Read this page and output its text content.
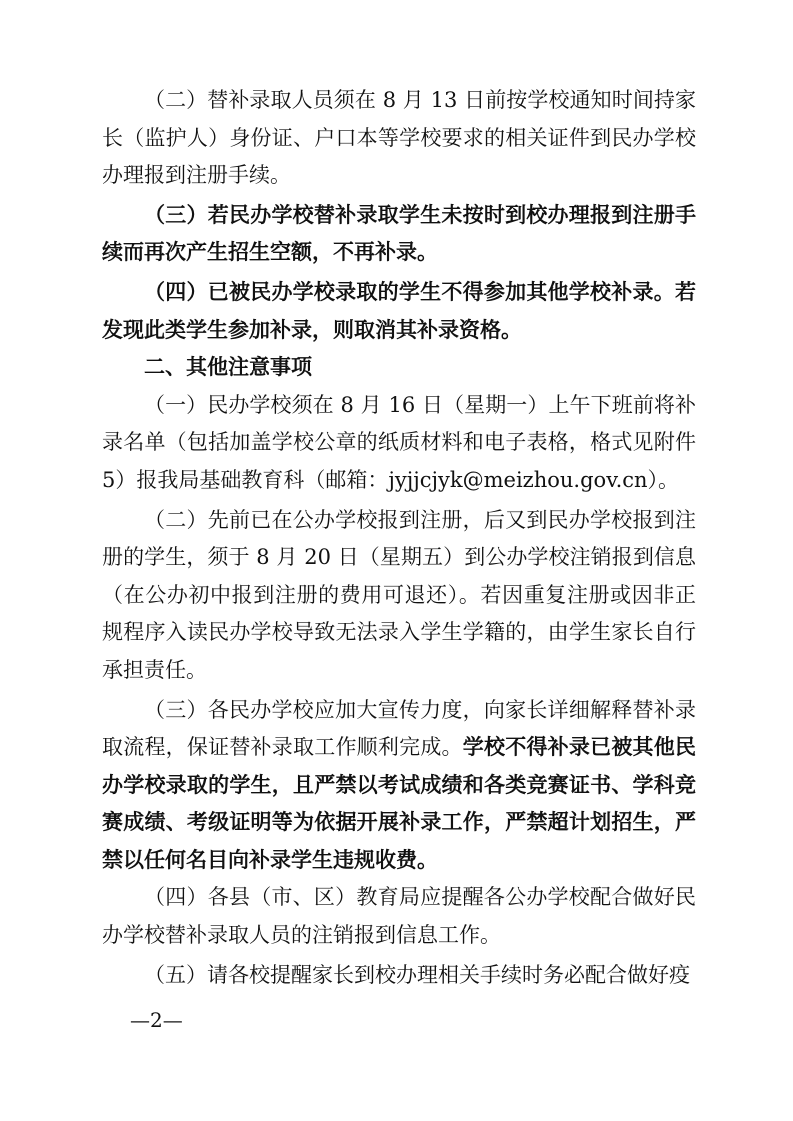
（二）替补录取人员须在 8 月 13 日前按学校通知时间持家长（监护人）身份证、户口本等学校要求的相关证件到民办学校办理报到注册手续。

（三）若民办学校替补录取学生未按时到校办理报到注册手续而再次产生招生空额，不再补录。

（四）已被民办学校录取的学生不得参加其他学校补录。若发现此类学生参加补录，则取消其补录资格。

二、其他注意事项

（一）民办学校须在 8 月 16 日（星期一）上午下班前将补录名单（包括加盖学校公章的纸质材料和电子表格，格式见附件 5）报我局基础教育科（邮箱：jyjjcjyk@meizhou.gov.cn）。

（二）先前已在公办学校报到注册，后又到民办学校报到注册的学生，须于 8 月 20 日（星期五）到公办学校注销报到信息（在公办初中报到注册的费用可退还）。若因重复注册或因非正规程序入读民办学校导致无法录入学生学籍的，由学生家长自行承担责任。

（三）各民办学校应加大宣传力度，向家长详细解释替补录取流程，保证替补录取工作顺利完成。学校不得补录已被其他民办学校录取的学生，且严禁以考试成绩和各类竞赛证书、学科竞赛成绩、考级证明等为依据开展补录工作，严禁超计划招生，严禁以任何名目向补录学生违规收费。

（四）各县（市、区）教育局应提醒各公办学校配合做好民办学校替补录取人员的注销报到信息工作。

（五）请各校提醒家长到校办理相关手续时务必配合做好疫

—2—
